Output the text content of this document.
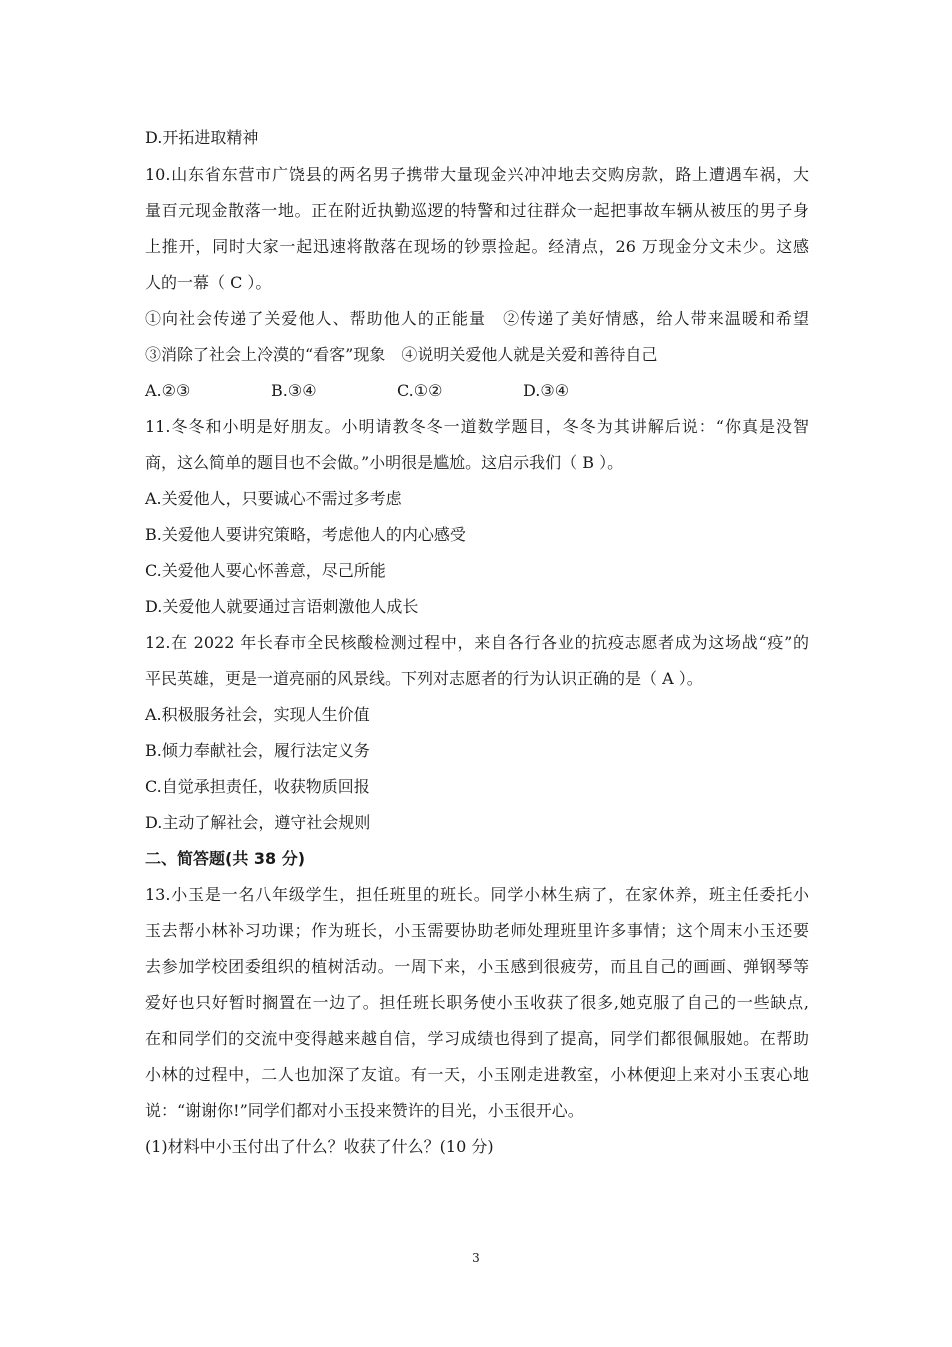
D.开拓进取精神
10.山东省东营市广饶县的两名男子携带大量现金兴冲冲地去交购房款，路上遭遇车祸，大
量百元现金散落一地。正在附近执勤巡逻的特警和过往群众一起把事故车辆从被压的男子身
上推开，同时大家一起迅速将散落在现场的钞票捡起。经清点，26 万现金分文未少。这感
人的一幕（ C ）。
①向社会传递了关爱他人、帮助他人的正能量　②传递了美好情感，给人带来温暖和希望
③消除了社会上冷漠的“看客”现象　④说明关爱他人就是关爱和善待自己
A.②③	B.③④	C.①②	D.③④
11.冬冬和小明是好朋友。小明请教冬冬一道数学题目，冬冬为其讲解后说：“你真是没智
商，这么简单的题目也不会做。”小明很是尴尬。这启示我们（ B ）。
A.关爱他人，只要诚心不需过多考虑
B.关爱他人要讲究策略，考虑他人的内心感受
C.关爱他人要心怀善意，尽己所能
D.关爱他人就要通过言语刺激他人成长
12.在 2022 年长春市全民核酸检测过程中，来自各行各业的抗疫志愿者成为这场战“疫”的
平民英雄，更是一道亮丽的风景线。下列对志愿者的行为认识正确的是（ A ）。
A.积极服务社会，实现人生价值
B.倾力奉献社会，履行法定义务
C.自觉承担责任，收获物质回报
D.主动了解社会，遵守社会规则
二、简答题(共 38 分)
13.小玉是一名八年级学生，担任班里的班长。同学小林生病了，在家休养，班主任委托小
玉去帮小林补习功课；作为班长，小玉需要协助老师处理班里许多事情；这个周末小玉还要
去参加学校团委组织的植树活动。一周下来，小玉感到很疲劳，而且自己的画画、弹钢琴等
爱好也只好暂时搁置在一边了。担任班长职务使小玉收获了很多,她克服了自己的一些缺点,
在和同学们的交流中变得越来越自信，学习成绩也得到了提高，同学们都很佩服她。在帮助
小林的过程中，二人也加深了友谊。有一天，小玉刚走进教室，小林便迎上来对小玉衷心地
说：“谢谢你!”同学们都对小玉投来赞许的目光，小玉很开心。
(1)材料中小玉付出了什么？收获了什么？(10 分)
3
